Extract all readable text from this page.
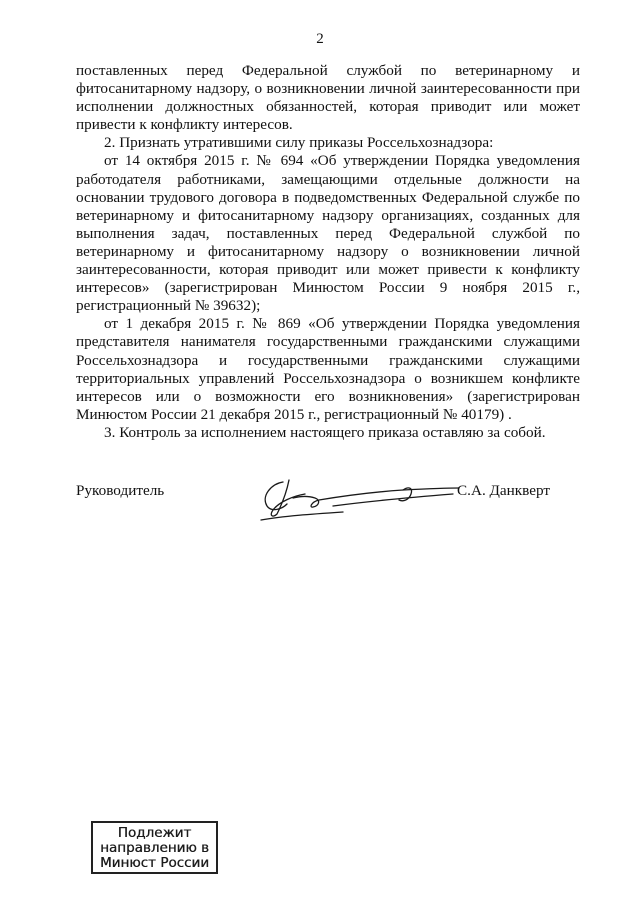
2

поставленных перед Федеральной службой по ветеринарному и фитосанитарному надзору, о возникновении личной заинтересованности при исполнении должностных обязанностей, которая приводит или может привести к конфликту интересов.

2. Признать утратившими силу приказы Россельхознадзора:

от 14 октября 2015 г. № 694 «Об утверждении Порядка уведомления работодателя работниками, замещающими отдельные должности на основании трудового договора в подведомственных Федеральной службе по ветеринарному и фитосанитарному надзору организациях, созданных для выполнения задач, поставленных перед Федеральной службой по ветеринарному и фитосанитарному надзору о возникновении личной заинтересованности, которая приводит или может привести к конфликту интересов» (зарегистрирован Минюстом России 9 ноября 2015 г., регистрационный № 39632);

от 1 декабря 2015 г. № 869 «Об утверждении Порядка уведомления представителя нанимателя государственными гражданскими служащими Россельхознадзора и государственными гражданскими служащими территориальных управлений Россельхознадзора о возникшем конфликте интересов или о возможности его возникновения» (зарегистрирован Минюстом России 21 декабря 2015 г., регистрационный № 40179) .

3. Контроль за исполнением настоящего приказа оставляю за собой.

Руководитель	С.А. Данкверт
Подлежит
направлению в
Минюст России
